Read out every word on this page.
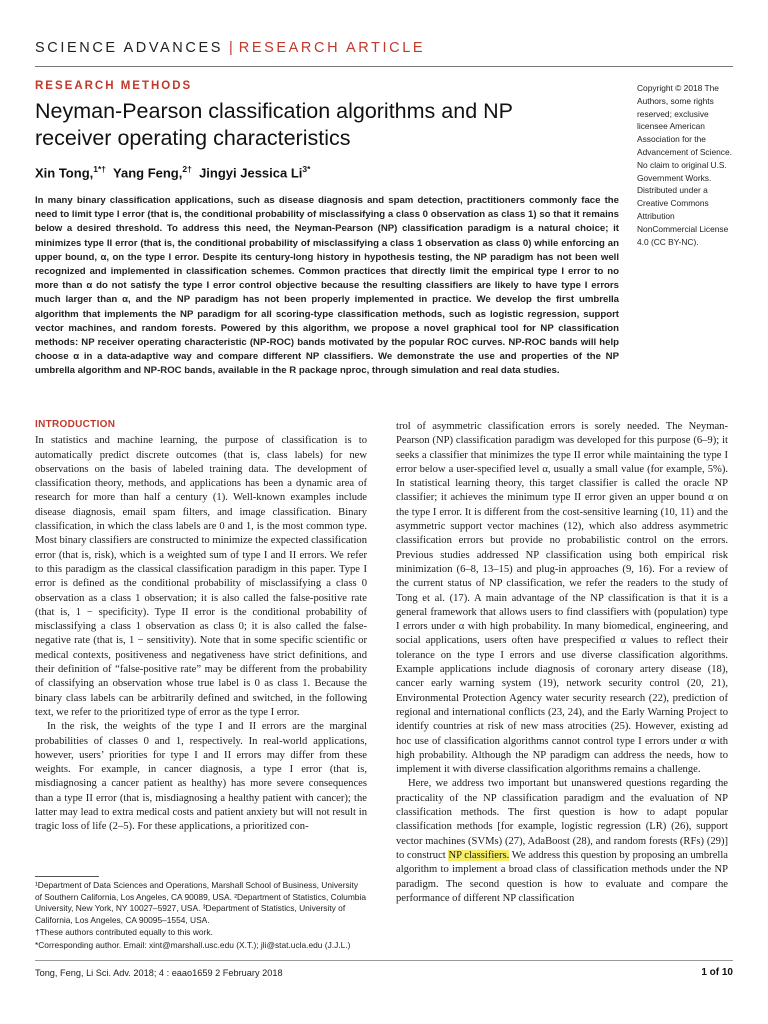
SCIENCE ADVANCES | RESEARCH ARTICLE
RESEARCH METHODS
Neyman-Pearson classification algorithms and NP receiver operating characteristics
Xin Tong,$^{1*\dagger}$ Yang Feng,$^{2\dagger}$ Jingyi Jessica $Li^{3*}$
Copyright © 2018 The Authors, some rights reserved; exclusive licensee American Association for the Advancement of Science. No claim to original U.S. Government Works. Distributed under a Creative Commons Attribution NonCommercial License 4.0 (CC BY-NC).

In many binary classification applications, such as disease diagnosis and spam detection, practitioners commonly face the need to limit type I error (that is, the conditional probability of misclassifying a class 0 observation as class 1) so that it remains below a desired threshold. To address this need, the Neyman-Pearson (NP) classification paradigm is a natural choice; it minimizes type II error (that is, the conditional probability of misclassifying a class 1 observation as class 0) while enforcing an upper bound, α, on the type I error. Despite its century-long history in hypothesis testing, the NP paradigm has not been well recognized and implemented in classification schemes. Common practices that directly limit the empirical type I error to no more than α do not satisfy the type I error control objective because the resulting classifiers are likely to have type I errors much larger than α, and the NP paradigm has not been properly implemented in practice. We develop the first umbrella algorithm that implements the NP paradigm for all scoring-type classification methods, such as logistic regression, support vector machines, and random forests. Powered by this algorithm, we propose a novel graphical tool for NP classification methods: NP receiver operating characteristic (NP-ROC) bands motivated by the popular ROC curves. NP-ROC bands will help choose α in a data-adaptive way and compare different NP classifiers. We demonstrate the use and properties of the NP umbrella algorithm and NP-ROC bands, available in the R package nproc, through simulation and real data studies.

INTRODUCTION

In statistics and machine learning, the purpose of classification is to automatically predict discrete outcomes (that is, class labels) for new observations on the basis of labeled training data. The development of classification theory, methods, and applications has been a dynamic area of research for more than half a century (1). Well-known examples include disease diagnosis, email spam filters, and image classification. Binary classification, in which the class labels are 0 and 1, is the most common type. Most binary classifiers are constructed to minimize the expected classification error (that is, risk), which is a weighted sum of type I and II errors. We refer to this paradigm as the classical classification paradigm in this paper. Type I error is defined as the conditional probability of misclassifying a class 0 observation as a class 1 observation; it is also called the false-positive rate (that is, 1 − specificity). Type II error is the conditional probability of misclassifying a class 1 observation as class 0; it is also called the false-negative rate (that is, 1 − sensitivity). Note that in some specific scientific or medical contexts, positiveness and negativeness have strict definitions, and their definition of “false-positive rate” may be different from the probability of classifying an observation whose true label is 0 as class 1. Because the binary class labels can be arbitrarily defined and switched, in the following text, we refer to the prioritized type of error as the type I error.

In the risk, the weights of the type I and II errors are the marginal probabilities of classes 0 and 1, respectively. In real-world applications, however, users’ priorities for type I and II errors may differ from these weights. For example, in cancer diagnosis, a type I error (that is, misdiagnosing a cancer patient as healthy) has more severe consequences than a type II error (that is, misdiagnosing a healthy patient with cancer); the latter may lead to extra medical costs and patient anxiety but will not result in tragic loss of life (2–5). For these applications, a prioritized con-

trol of asymmetric classification errors is sorely needed. The Neyman-Pearson (NP) classification paradigm was developed for this purpose (6–9); it seeks a classifier that minimizes the type II error while maintaining the type I error below a user-specified level α, usually a small value (for example, 5%). In statistical learning theory, this target classifier is called the oracle NP classifier; it achieves the minimum type II error given an upper bound α on the type I error. It is different from the cost-sensitive learning (10, 11) and the asymmetric support vector machines (12), which also address asymmetric classification errors but provide no probabilistic control on the errors. Previous studies addressed NP classification using both empirical risk minimization (6–8, 13–15) and plug-in approaches (9, 16). For a review of the current status of NP classification, we refer the readers to the study of Tong et al. (17). A main advantage of the NP classification is that it is a general framework that allows users to find classifiers with (population) type I errors under α with high probability. In many biomedical, engineering, and social applications, users often have prespecified α values to reflect their tolerance on the type I errors and use diverse classification algorithms. Example applications include diagnosis of coronary artery disease (18), cancer early warning system (19), network security control (20, 21), Environmental Protection Agency water security research (22), prediction of regional and international conflicts (23, 24), and the Early Warning Project to identify countries at risk of new mass atrocities (25). However, existing ad hoc use of classification algorithms cannot control type I errors under α with high probability. Although the NP paradigm can address the needs, how to implement it with diverse classification algorithms remains a challenge.

Here, we address two important but unanswered questions regarding the practicality of the NP classification paradigm and the evaluation of NP classification methods. The first question is how to adapt popular classification methods [for example, logistic regression (LR) (26), support vector machines (SVMs) (27), AdaBoost (28), and random forests (RFs) (29)] to construct NP classifiers. We address this question by proposing an umbrella algorithm to implement a broad class of classification methods under the NP paradigm. The second question is how to evaluate and compare the performance of different NP classification

¹Department of Data Sciences and Operations, Marshall School of Business, University of Southern California, Los Angeles, CA 90089, USA. ²Department of Statistics, Columbia University, New York, NY 10027–5927, USA. ³Department of Statistics, University of California, Los Angeles, CA 90095–1554, USA.

†These authors contributed equally to this work.

*Corresponding author. Email: xint@marshall.usc.edu (X.T.); jli@stat.ucla.edu (J.J.L.)

Tong, Feng, Li Sci. Adv. 2018; 4 : eaao1659 2 February 2018	1 of 10
